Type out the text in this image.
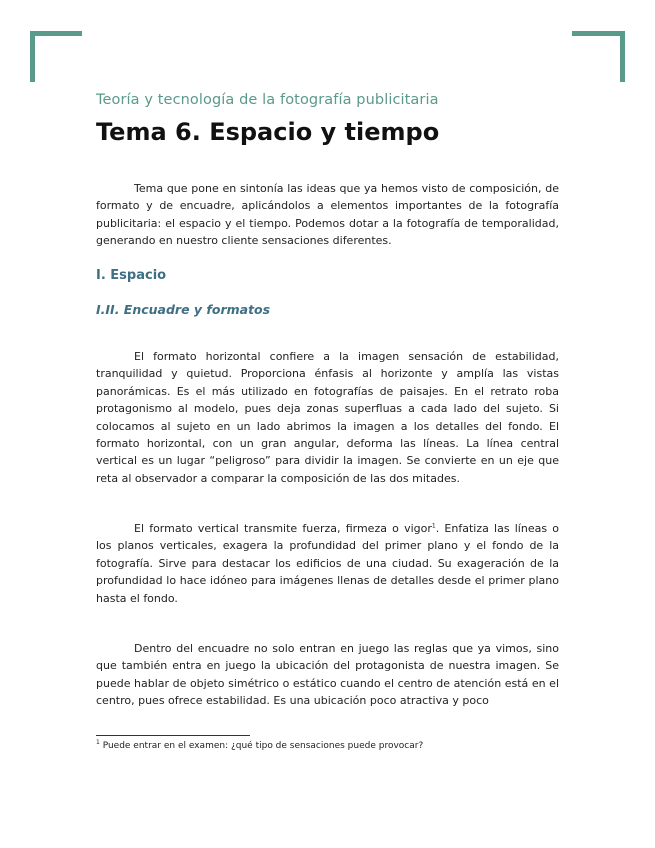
Teoría y tecnología de la fotografía publicitaria
Tema 6. Espacio y tiempo

Tema que pone en sintonía las ideas que ya hemos visto de composición, de formato y de encuadre, aplicándolos a elementos importantes de la fotografía publicitaria: el espacio y el tiempo. Podemos dotar a la fotografía de temporalidad, generando en nuestro cliente sensaciones diferentes.

I. Espacio
I.II. Encuadre y formatos

El formato horizontal confiere a la imagen sensación de estabilidad, tranquilidad y quietud. Proporciona énfasis al horizonte y amplía las vistas panorámicas. Es el más utilizado en fotografías de paisajes. En el retrato roba protagonismo al modelo, pues deja zonas superfluas a cada lado del sujeto. Si colocamos al sujeto en un lado abrimos la imagen a los detalles del fondo. El formato horizontal, con un gran angular, deforma las líneas. La línea central vertical es un lugar “peligroso” para dividir la imagen. Se convierte en un eje que reta al observador a comparar la composición de las dos mitades.

El formato vertical transmite fuerza, firmeza o vigor$^1$. Enfatiza las líneas o los planos verticales, exagera la profundidad del primer plano y el fondo de la fotografía. Sirve para destacar los edificios de una ciudad. Su exageración de la profundidad lo hace idóneo para imágenes llenas de detalles desde el primer plano hasta el fondo.

Dentro del encuadre no solo entran en juego las reglas que ya vimos, sino que también entra en juego la ubicación del protagonista de nuestra imagen. Se puede hablar de objeto simétrico o estático cuando el centro de atención está en el centro, pues ofrece estabilidad. Es una ubicación poco atractiva y poco

$^1$ Puede entrar en el examen: ¿qué tipo de sensaciones puede provocar?
